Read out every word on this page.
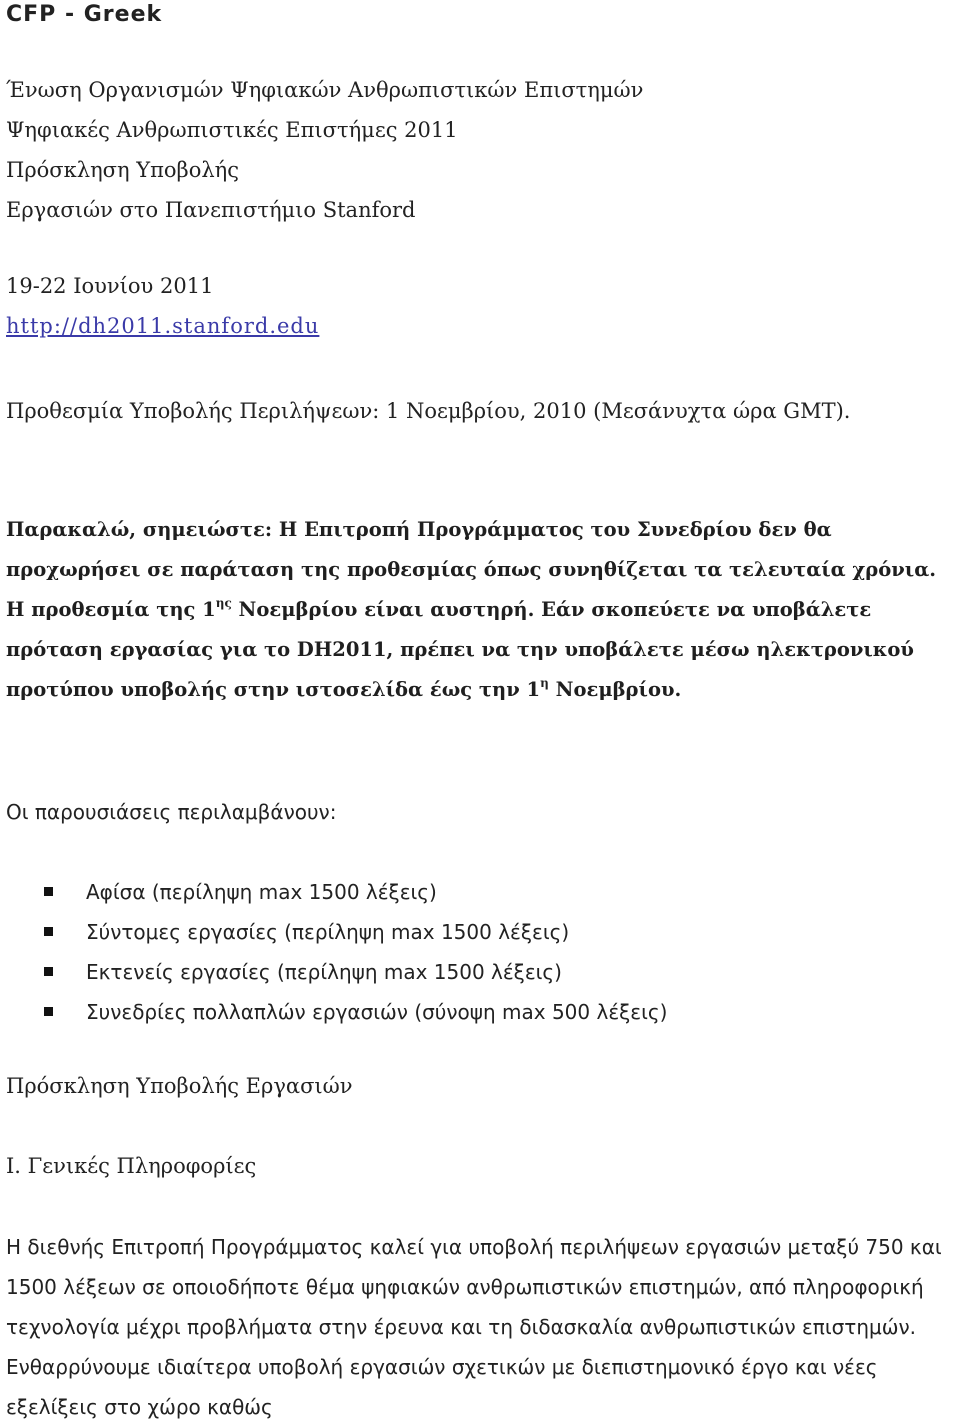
CFP - Greek
Ένωση Οργανισμών Ψηφιακών Ανθρωπιστικών Επιστημών
Ψηφιακές Ανθρωπιστικές Επιστήμες 2011
Πρόσκληση Υποβολής
Εργασιών στο Πανεπιστήμιο Stanford
19-22 Ιουνίου 2011
http://dh2011.stanford.edu
Προθεσμία Υποβολής Περιλήψεων: 1 Νοεμβρίου, 2010 (Μεσάνυχτα ώρα GMT).
Παρακαλώ, σημειώστε: Η Επιτροπή Προγράμματος του Συνεδρίου δεν θα προχωρήσει σε παράταση της προθεσμίας όπως συνηθίζεται τα τελευταία χρόνια. Η προθεσμία της $1^{\eta\varsigma}$ Νοεμβρίου είναι αυστηρή. Εάν σκοπεύετε να υποβάλετε πρόταση εργασίας για το DH2011, πρέπει να την υποβάλετε μέσω ηλεκτρονικού προτύπου υποβολής στην ιστοσελίδα έως την $1^\eta$ Νοεμβρίου.
Οι παρουσιάσεις περιλαμβάνουν:
Αφίσα (περίληψη max 1500 λέξεις)
Σύντομες εργασίες (περίληψη max 1500 λέξεις)
Εκτενείς εργασίες (περίληψη max 1500 λέξεις)
Συνεδρίες πολλαπλών εργασιών (σύνοψη max 500 λέξεις)
Πρόσκληση Υποβολής Εργασιών
I. Γενικές Πληροφορίες

Η διεθνής Επιτροπή Προγράμματος καλεί για υποβολή περιλήψεων εργασιών μεταξύ 750 και 1500 λέξεων σε οποιοδήποτε θέμα ψηφιακών ανθρωπιστικών επιστημών, από πληροφορική τεχνολογία μέχρι προβλήματα στην έρευνα και τη διδασκαλία ανθρωπιστικών επιστημών. Ενθαρρύνουμε ιδιαίτερα υποβολή εργασιών σχετικών με διεπιστημονικό έργο και νέες εξελίξεις στο χώρο καθώς
